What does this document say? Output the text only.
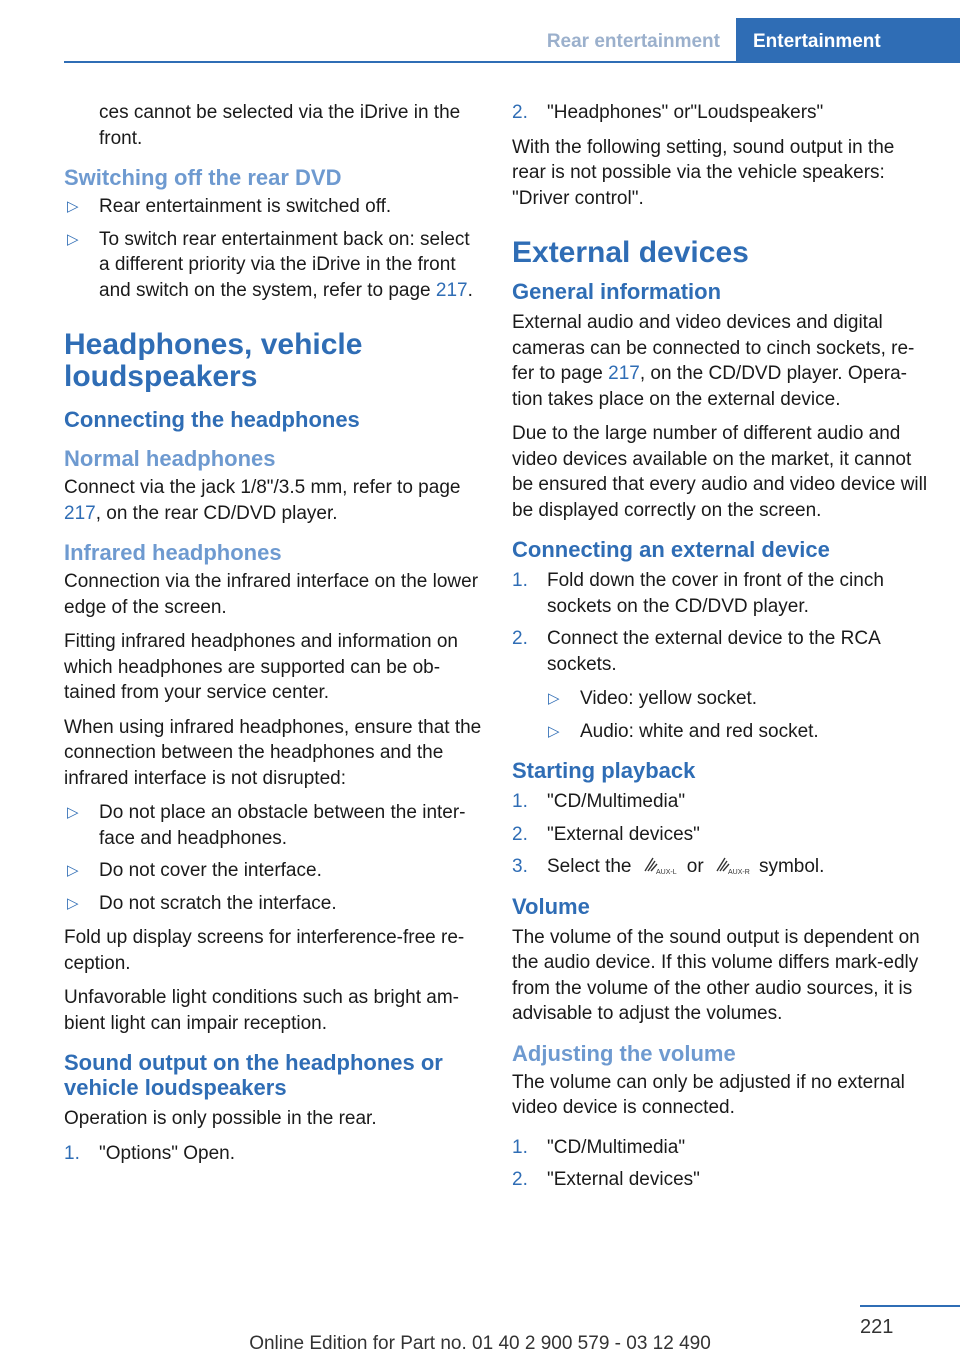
Rear entertainment	Entertainment

ces cannot be selected via the iDrive in the front.

Switching off the rear DVD
▷ Rear entertainment is switched off.
▷ To switch rear entertainment back on: select a different priority via the iDrive in the front and switch on the system, refer to page 217.
Headphones, vehicle loudspeakers
Connecting the headphones
Normal headphones

Connect via the jack 1/8"/3.5 mm, refer to page 217, on the rear CD/DVD player.

Infrared headphones

Connection via the infrared interface on the lower edge of the screen.

Fitting infrared headphones and information on which headphones are supported can be ob‐tained from your service center.

When using infrared headphones, ensure that the connection between the headphones and the infrared interface is not disrupted:

▷ Do not place an obstacle between the inter‐face and headphones.
▷ Do not cover the interface.
▷ Do not scratch the interface.

Fold up display screens for interference-free re‐ception.

Unfavorable light conditions such as bright am‐bient light can impair reception.

Sound output on the headphones or vehicle loudspeakers

Operation is only possible in the rear.

1. "Options" Open.
2. "Headphones" or"Loudspeakers"

With the following setting, sound output in the rear is not possible via the vehicle speakers: "Driver control".

External devices
General information

External audio and video devices and digital cameras can be connected to cinch sockets, re‐fer to page 217, on the CD/DVD player. Opera‐tion takes place on the external device.

Due to the large number of different audio and video devices available on the market, it cannot be ensured that every audio and video device will be displayed correctly on the screen.

Connecting an external device
1. Fold down the cover in front of the cinch sockets on the CD/DVD player.
2. Connect the external device to the RCA sockets.
▷ Video: yellow socket.
▷ Audio: white and red socket.
Starting playback
1. "CD/Multimedia"
2. "External devices"
3. Select the	AUX-L or	AUX-R symbol.
Volume

The volume of the sound output is dependent on the audio device. If this volume differs mark‐edly from the volume of the other audio sources, it is advisable to adjust the volumes.

Adjusting the volume

The volume can only be adjusted if no external video device is connected.

1. "CD/Multimedia"
2. "External devices"
221
Online Edition for Part no. 01 40 2 900 579 - 03 12 490
